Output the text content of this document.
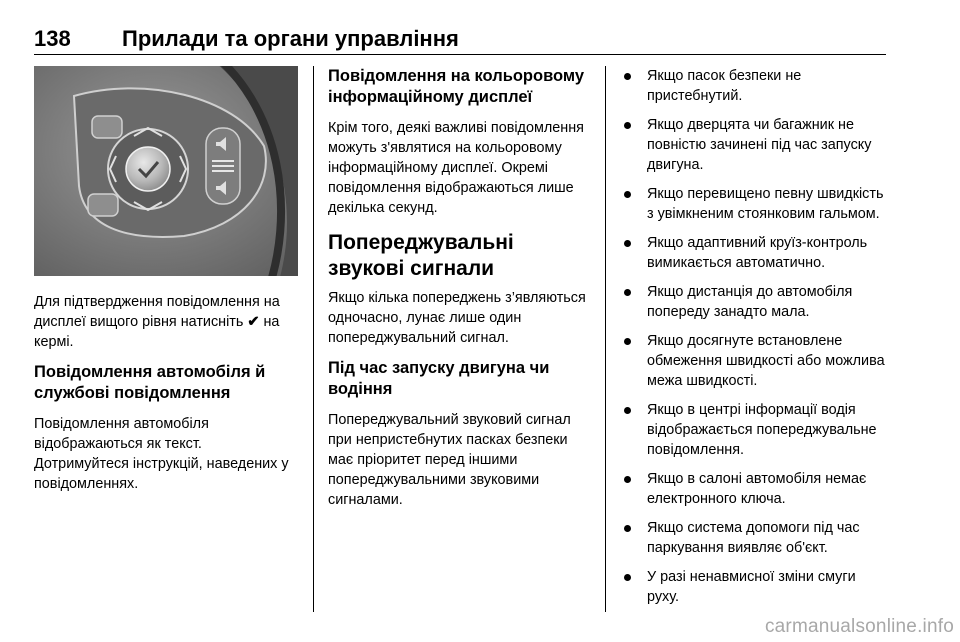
138 Прилади та органи управління

Для підтвердження повідомлення на дисплеї вищого рівня натисніть ✔ на кермі.

Повідомлення автомобіля й службові повідомлення

Повідомлення автомобіля відображаються як текст. Дотримуйтеся інструкцій, наведених у повідомленнях.

Повідомлення на кольоровому інформаційному дисплеї

Крім того, деякі важливі повідомлення можуть з'являтися на кольоровому інформаційному дисплеї. Окремі повідомлення відображаються лише декілька секунд.

Попереджувальні звукові сигнали

Якщо кілька попереджень з’являються одночасно, лунає лише один попереджувальний сигнал.

Під час запуску двигуна чи водіння

Попереджувальний звуковий сигнал при непристебнутих пасках безпеки має пріоритет перед іншими попереджувальними звуковими сигналами.

Якщо пасок безпеки не пристебнутий.
Якщо дверцята чи багажник не повністю зачинені під час запуску двигуна.
Якщо перевищено певну швидкість з увімкненим стоянковим гальмом.
Якщо адаптивний круїз-контроль вимикається автоматично.
Якщо дистанція до автомобіля попереду занадто мала.
Якщо досягнуте встановлене обмеження швидкості або можлива межа швидкості.
Якщо в центрі інформації водія відображається попереджувальне повідомлення.
Якщо в салоні автомобіля немає електронного ключа.
Якщо система допомоги під час паркування виявляє об'єкт.
У разі ненавмисної зміни смуги руху.
carmanualsonline.info
